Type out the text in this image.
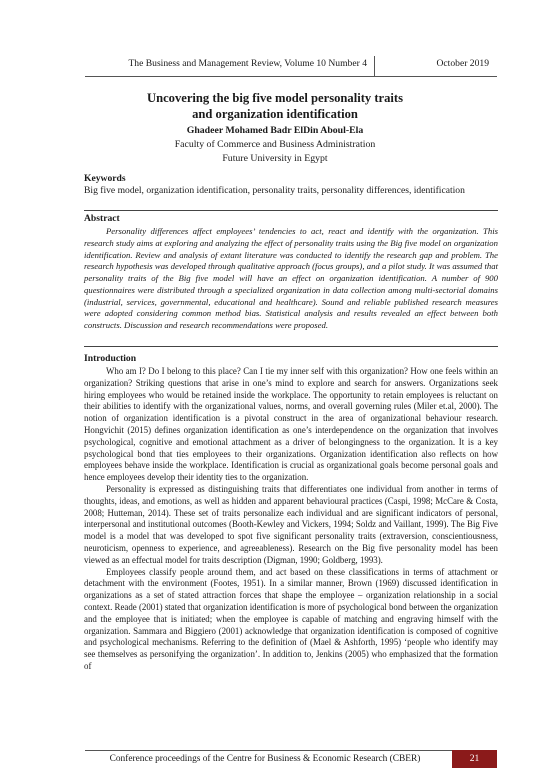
The Business and Management Review, Volume 10 Number 4	October 2019
Uncovering the big five model personality traits
and organization identification
Ghadeer Mohamed Badr ElDin Aboul-Ela
Faculty of Commerce and Business Administration
Future University in Egypt
Keywords
Big five model, organization identification, personality traits, personality differences, identification
Abstract

Personality differences affect employees’ tendencies to act, react and identify with the organization. This research study aims at exploring and analyzing the effect of personality traits using the Big five model on organization identification. Review and analysis of extant literature was conducted to identify the research gap and problem. The research hypothesis was developed through qualitative approach (focus groups), and a pilot study. It was assumed that personality traits of the Big five model will have an effect on organization identification. A number of 900 questionnaires were distributed through a specialized organization in data collection among multi-sectorial domains (industrial, services, governmental, educational and healthcare). Sound and reliable published research measures were adopted considering common method bias. Statistical analysis and results revealed an effect between both constructs. Discussion and research recommendations were proposed.

Introduction

Who am I? Do I belong to this place? Can I tie my inner self with this organization? How one feels within an organization? Striking questions that arise in one’s mind to explore and search for answers. Organizations seek hiring employees who would be retained inside the workplace. The opportunity to retain employees is reluctant on their abilities to identify with the organizational values, norms, and overall governing rules (Miler et.al, 2000). The notion of organization identification is a pivotal construct in the area of organizational behaviour research. Hongvichit (2015) defines organization identification as one’s interdependence on the organization that involves psychological, cognitive and emotional attachment as a driver of belongingness to the organization. It is a key psychological bond that ties employees to their organizations. Organization identification also reflects on how employees behave inside the workplace. Identification is crucial as organizational goals become personal goals and hence employees develop their identity ties to the organization.

Personality is expressed as distinguishing traits that differentiates one individual from another in terms of thoughts, ideas, and emotions, as well as hidden and apparent behavioural practices (Caspi, 1998; McCare & Costa, 2008; Hutteman, 2014). These set of traits personalize each individual and are significant indicators of personal, interpersonal and institutional outcomes (Booth-Kewley and Vickers, 1994; Soldz and Vaillant, 1999). The Big Five model is a model that was developed to spot five significant personality traits (extraversion, conscientiousness, neuroticism, openness to experience, and agreeableness). Research on the Big five personality model has been viewed as an effectual model for traits description (Digman, 1990; Goldberg, 1993).

Employees classify people around them, and act based on these classifications in terms of attachment or detachment with the environment (Footes, 1951). In a similar manner, Brown (1969) discussed identification in organizations as a set of stated attraction forces that shape the employee – organization relationship in a social context. Reade (2001) stated that organization identification is more of psychological bond between the organization and the employee that is initiated; when the employee is capable of matching and engraving himself with the organization. Sammara and Biggiero (2001) acknowledge that organization identification is composed of cognitive and psychological mechanisms. Referring to the definition of (Mael & Ashforth, 1995) ‘people who identify may see themselves as personifying the organization’. In addition to, Jenkins (2005) who emphasized that the formation of

Conference proceedings of the Centre for Business & Economic Research (CBER)	21
